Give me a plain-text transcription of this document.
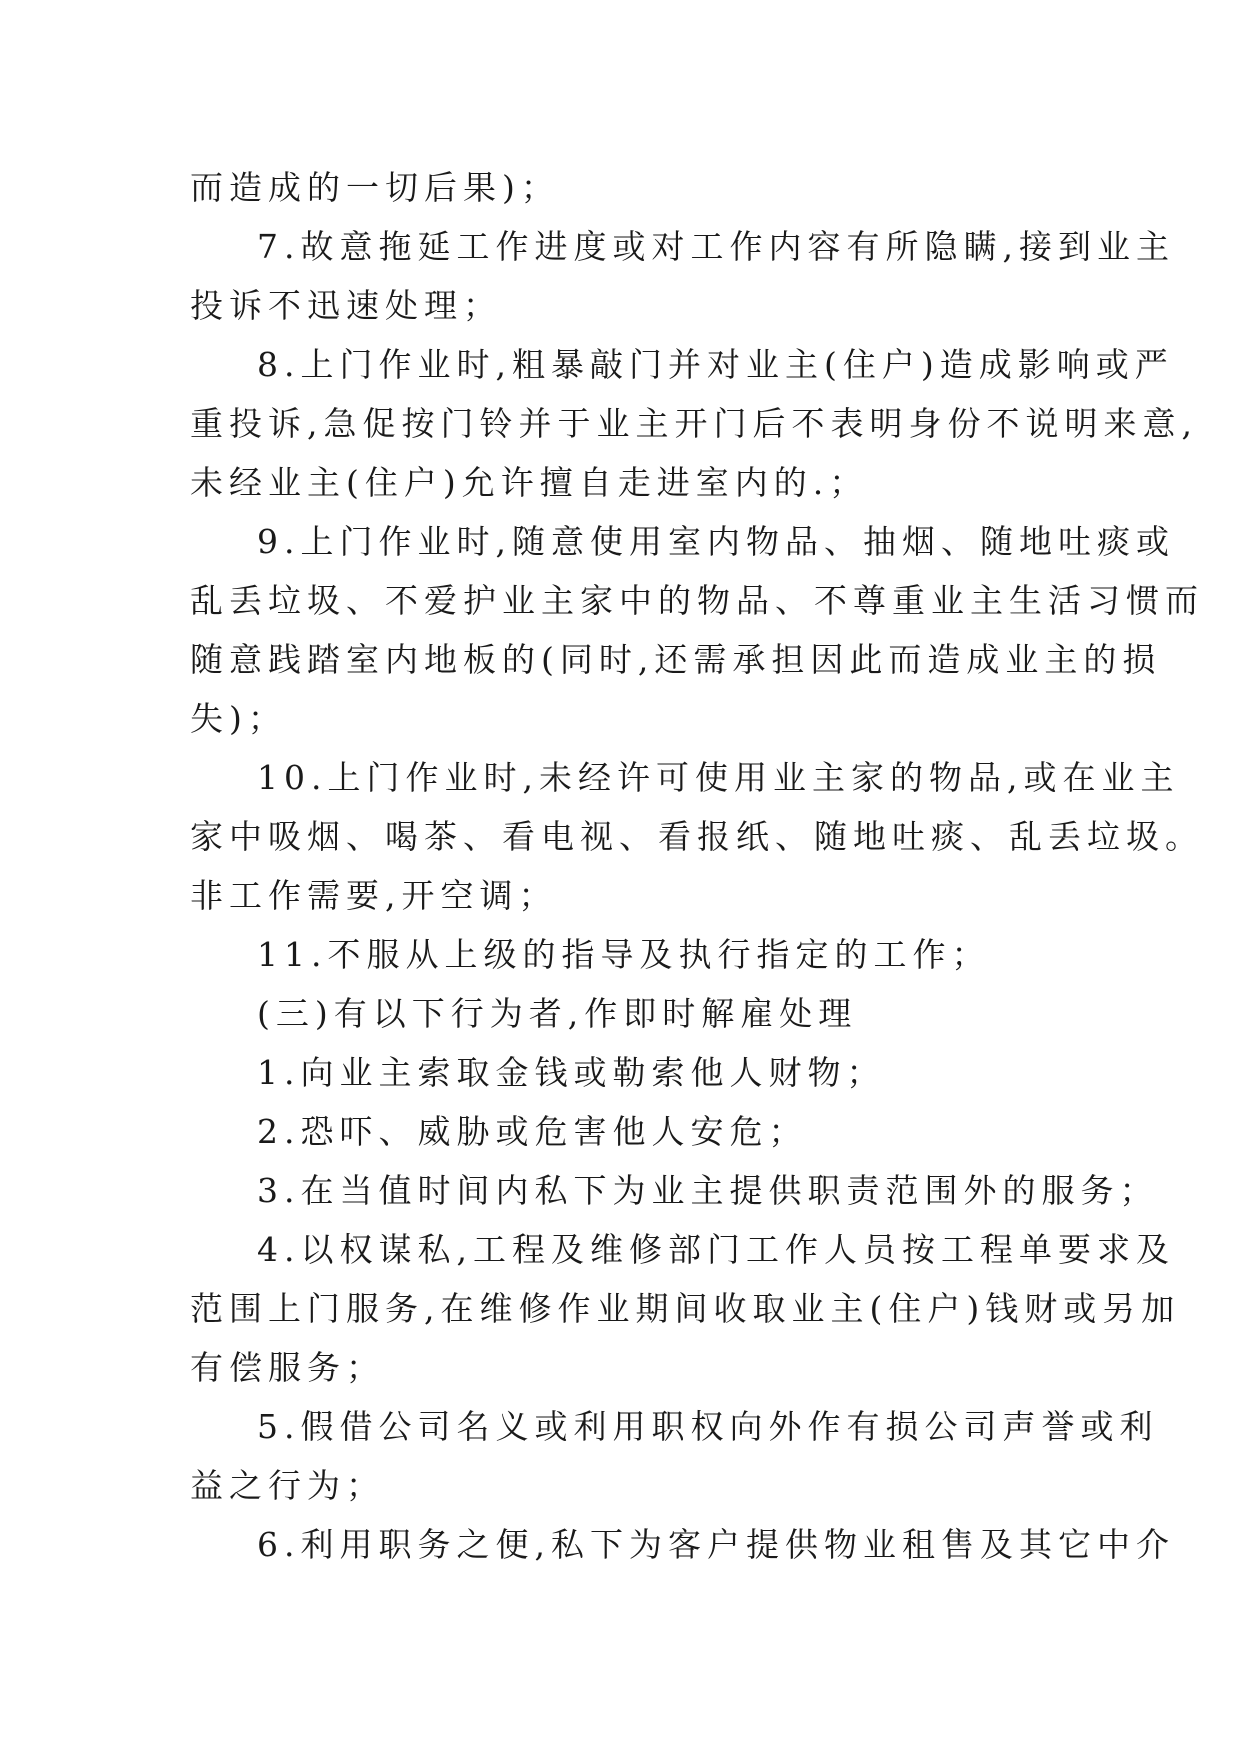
而造成的一切后果)；

7.故意拖延工作进度或对工作内容有所隐瞒,接到业主

投诉不迅速处理；

8.上门作业时,粗暴敲门并对业主(住户)造成影响或严

重投诉,急促按门铃并于业主开门后不表明身份不说明来意,

未经业主(住户)允许擅自走进室内的.；

9.上门作业时,随意使用室内物品、抽烟、随地吐痰或

乱丢垃圾、不爱护业主家中的物品、不尊重业主生活习惯而

随意践踏室内地板的(同时,还需承担因此而造成业主的损

失)；

10.上门作业时,未经许可使用业主家的物品,或在业主

家中吸烟、喝茶、看电视、看报纸、随地吐痰、乱丢垃圾。

非工作需要,开空调；

11.不服从上级的指导及执行指定的工作；

(三)有以下行为者,作即时解雇处理

1.向业主索取金钱或勒索他人财物；

2.恐吓、威胁或危害他人安危；

3.在当值时间内私下为业主提供职责范围外的服务；

4.以权谋私,工程及维修部门工作人员按工程单要求及

范围上门服务,在维修作业期间收取业主(住户)钱财或另加

有偿服务；

5.假借公司名义或利用职权向外作有损公司声誉或利

益之行为；

6.利用职务之便,私下为客户提供物业租售及其它中介
